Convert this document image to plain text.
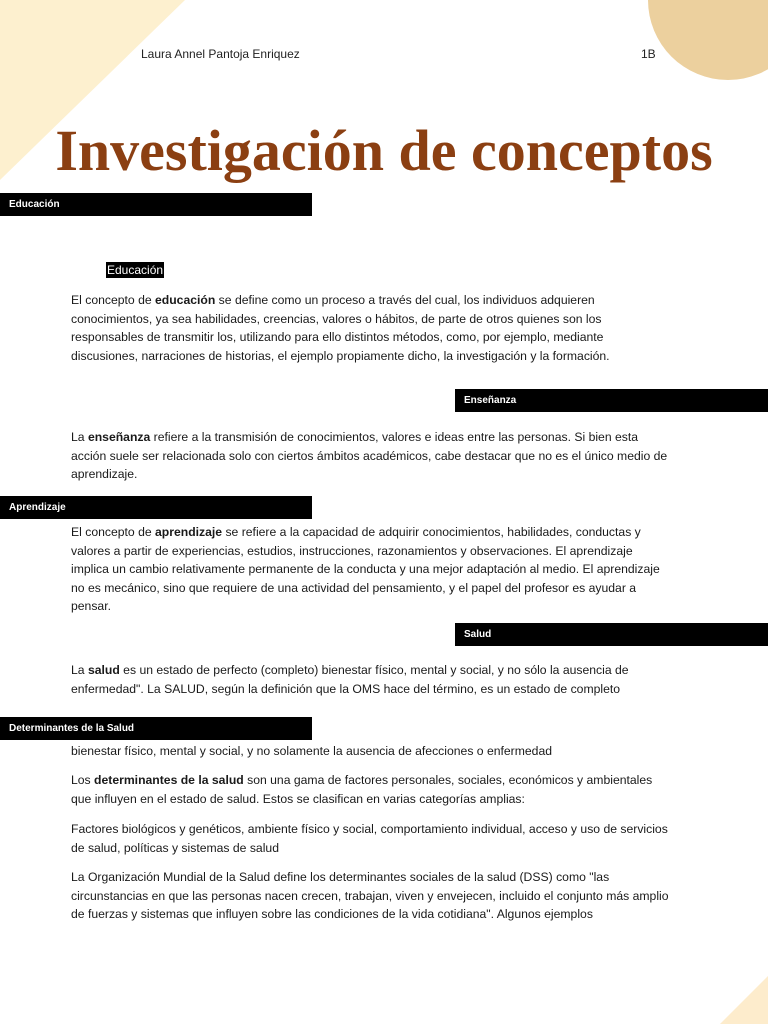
Laura Annel Pantoja Enriquez	1B
Educación
Investigación de conceptos
Educación

El concepto de educación se define como un proceso a través del cual, los individuos adquieren conocimientos, ya sea habilidades, creencias, valores o hábitos, de parte de otros quienes son los responsables de transmitir los, utilizando para ello distintos métodos, como, por ejemplo, mediante discusiones, narraciones de historias, el ejemplo propiamente dicho, la investigación y la formación.

Enseñanza

La enseñanza refiere a la transmisión de conocimientos, valores e ideas entre las personas. Si bien esta acción suele ser relacionada solo con ciertos ámbitos académicos, cabe destacar que no es el único medio de aprendizaje.

Aprendizaje

El concepto de aprendizaje se refiere a la capacidad de adquirir conocimientos, habilidades, conductas y valores a partir de experiencias, estudios, instrucciones, razonamientos y observaciones. El aprendizaje implica un cambio relativamente permanente de la conducta y una mejor adaptación al medio. El aprendizaje no es mecánico, sino que requiere de una actividad del pensamiento, y el papel del profesor es ayudar a pensar.

Salud

La salud es un estado de perfecto (completo) bienestar físico, mental y social, y no sólo la ausencia de enfermedad". La SALUD, según la definición que la OMS hace del término, es un estado de completo

Determinantes de la Salud

bienestar físico, mental y social, y no solamente la ausencia de afecciones o enfermedad

Los determinantes de la salud son una gama de factores personales, sociales, económicos y ambientales que influyen en el estado de salud. Estos se clasifican en varias categorías amplias:

Factores biológicos y genéticos, ambiente físico y social, comportamiento individual, acceso y uso de servicios de salud, políticas y sistemas de salud

La Organización Mundial de la Salud define los determinantes sociales de la salud (DSS) como "las circunstancias en que las personas nacen crecen, trabajan, viven y envejecen, incluido el conjunto más amplio de fuerzas y sistemas que influyen sobre las condiciones de la vida cotidiana". Algunos ejemplos
